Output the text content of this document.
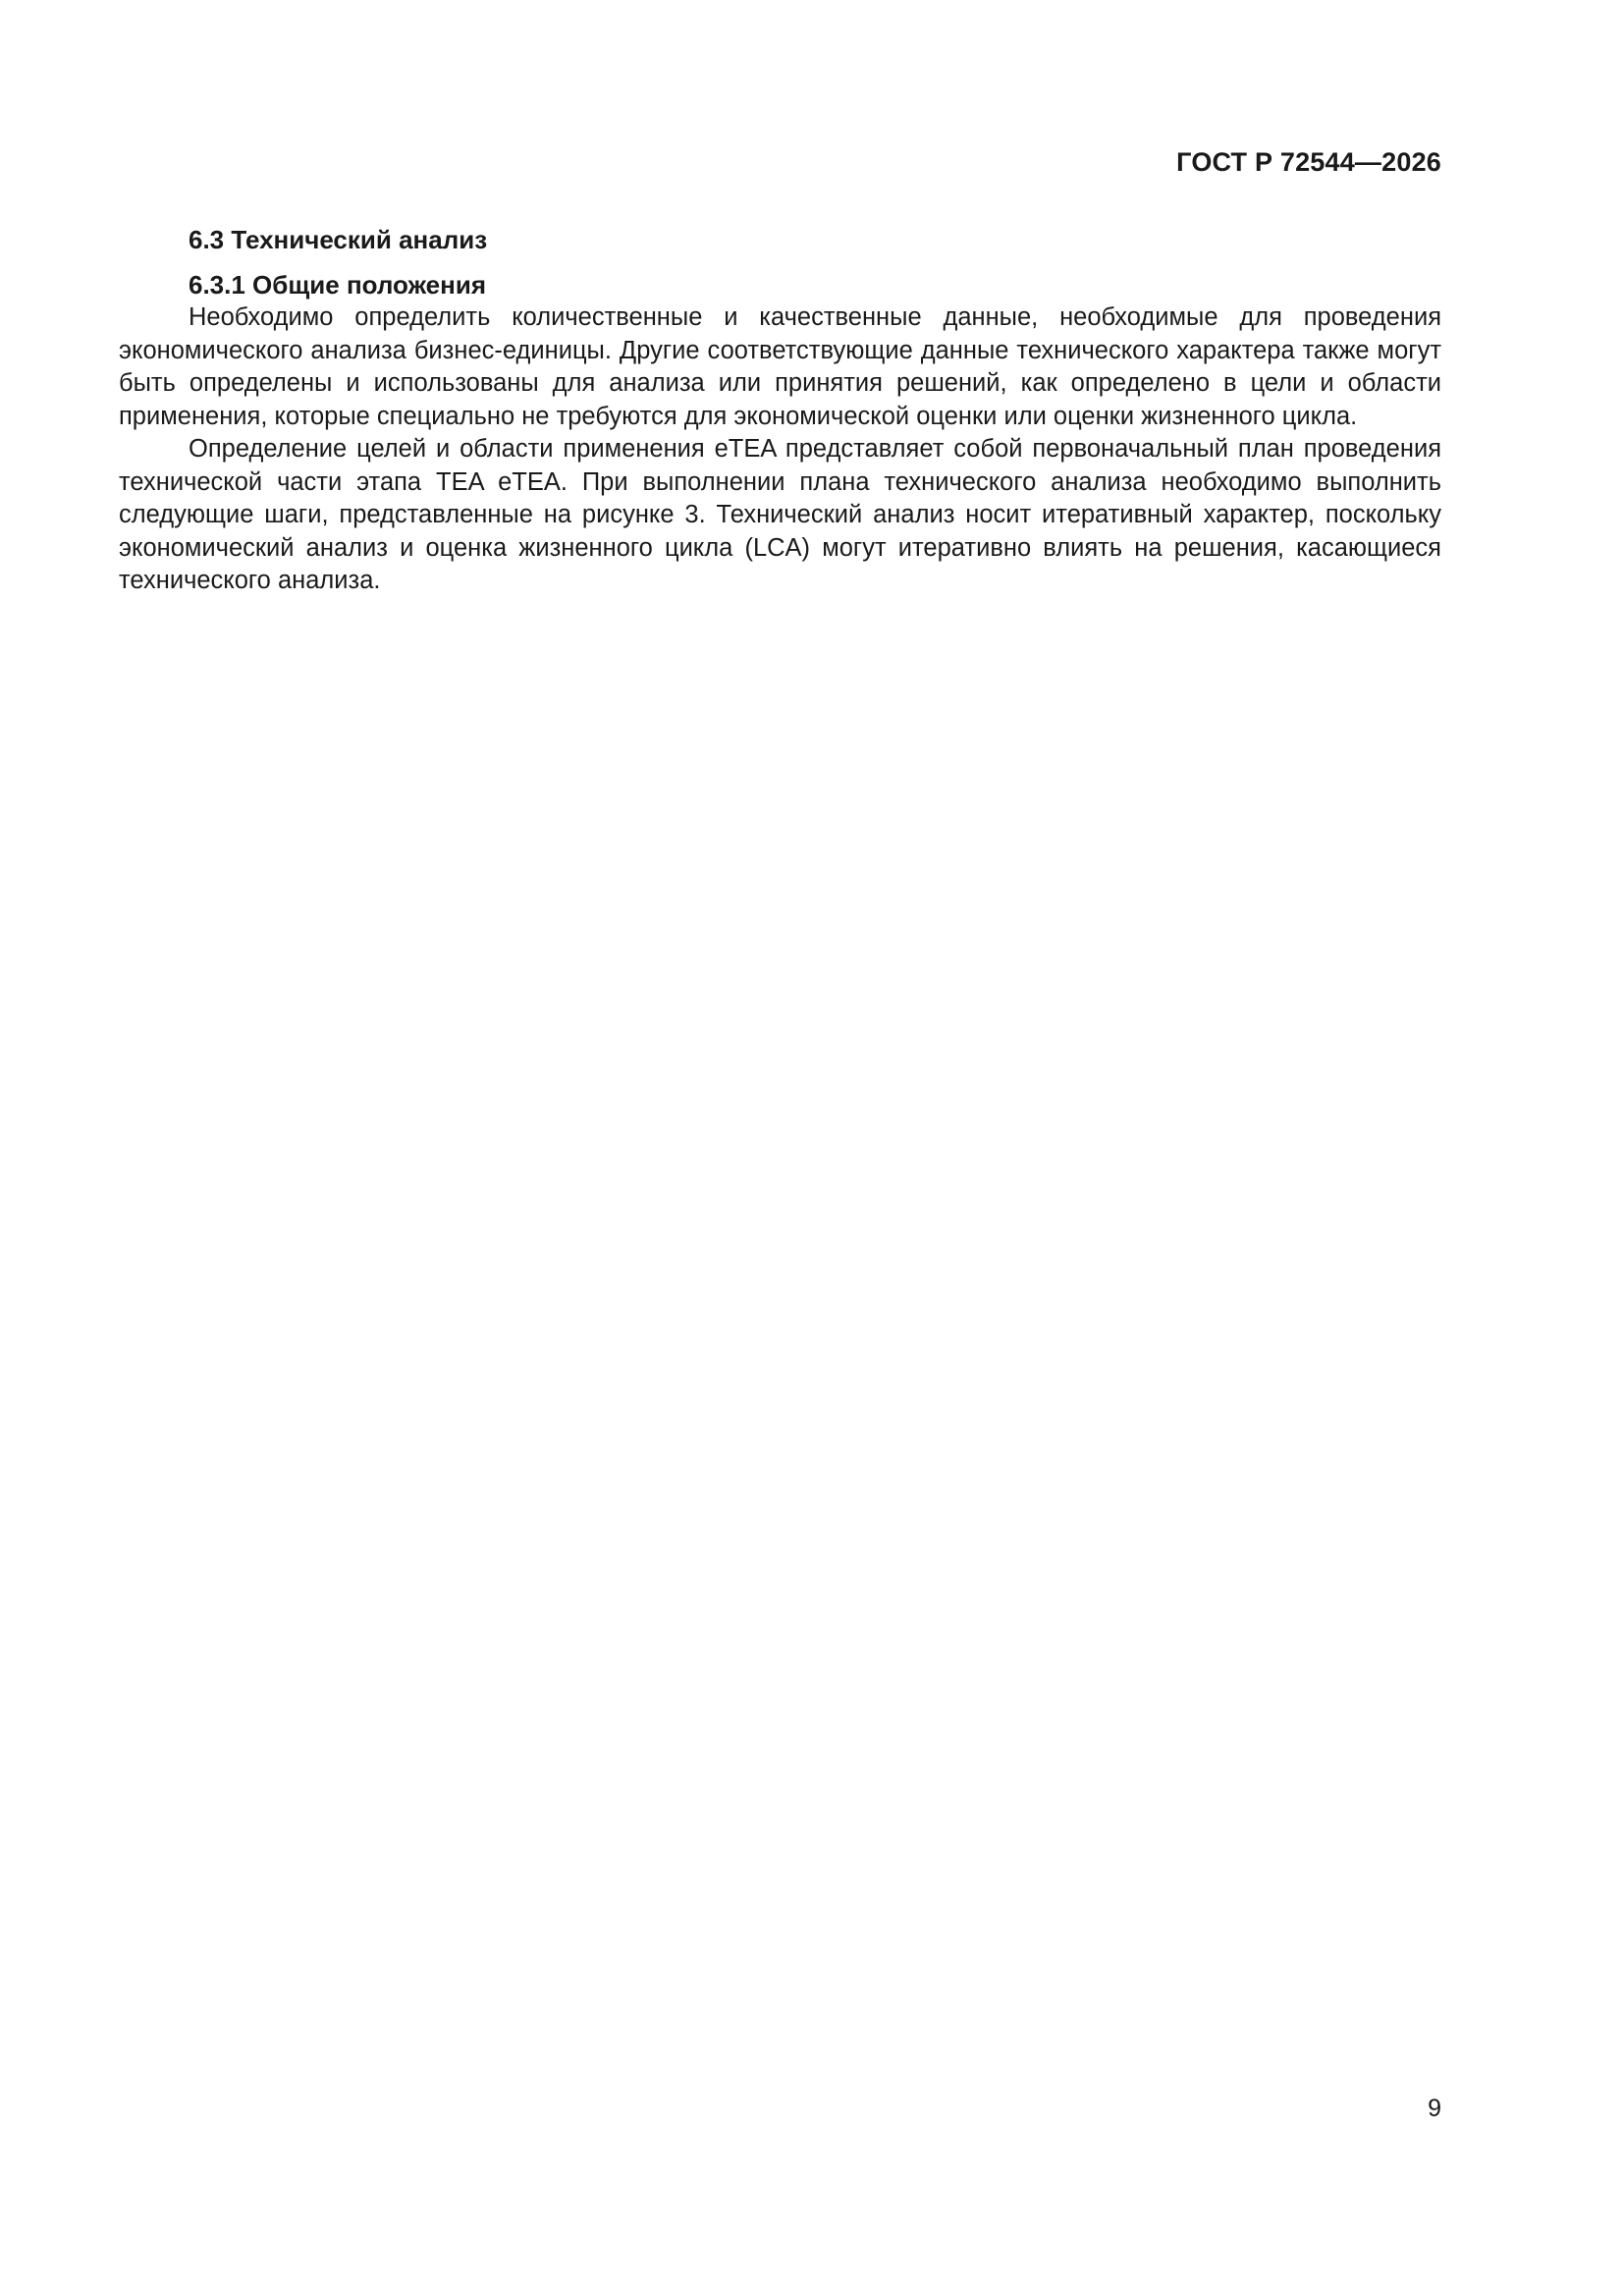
ГОСТ Р 72544—2026

6.3 Технический анализ

6.3.1 Общие положения

Необходимо определить количественные и качественные данные, необходимые для проведения экономического анализа бизнес-единицы. Другие соответствующие данные технического характера также могут быть определены и использованы для анализа или принятия решений, как определено в цели и области применения, которые специально не требуются для экономической оценки или оценки жизненного цикла.

Определение целей и области применения eTEA представляет собой первоначальный план проведения технической части этапа TEA eTEA. При выполнении плана технического анализа необходимо выполнить следующие шаги, представленные на рисунке 3. Технический анализ носит итеративный характер, поскольку экономический анализ и оценка жизненного цикла (LCA) могут итеративно влиять на решения, касающиеся технического анализа.

9
